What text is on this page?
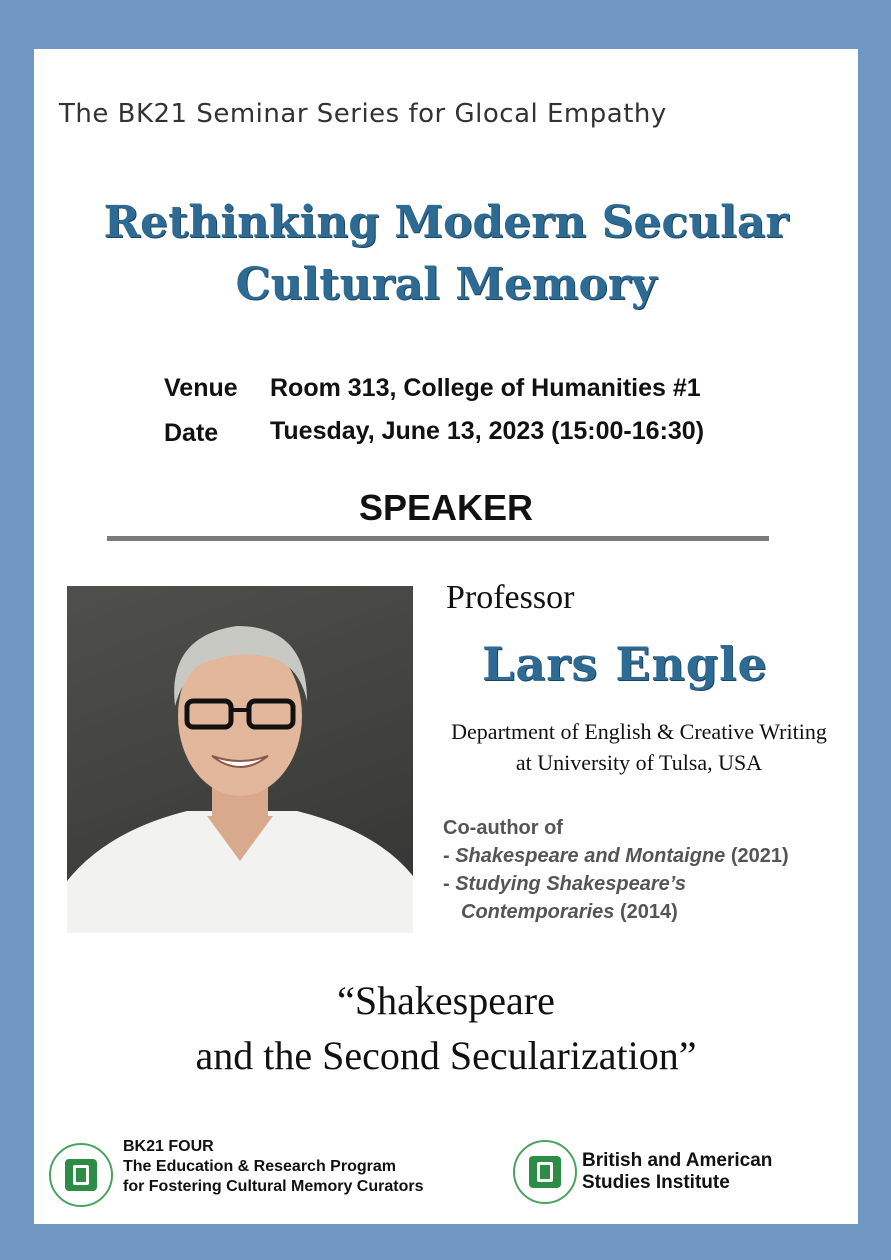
The BK21 Seminar Series for Glocal Empathy
Rethinking Modern Secular
Cultural Memory
Venue Room 313, College of Humanities #1
Date Tuesday, June 13, 2023 (15:00-16:30)
SPEAKER
Professor
Lars Engle
Department of English & Creative Writing
at University of Tulsa, USA
Co-author of
- Shakespeare and Montaigne (2021)
- Studying Shakespeare’s
Contemporaries (2014)
“Shakespeare
and the Second Secularization”
BK21 FOUR
The Education & Research Program
for Fostering Cultural Memory Curators
British and American
Studies Institute
